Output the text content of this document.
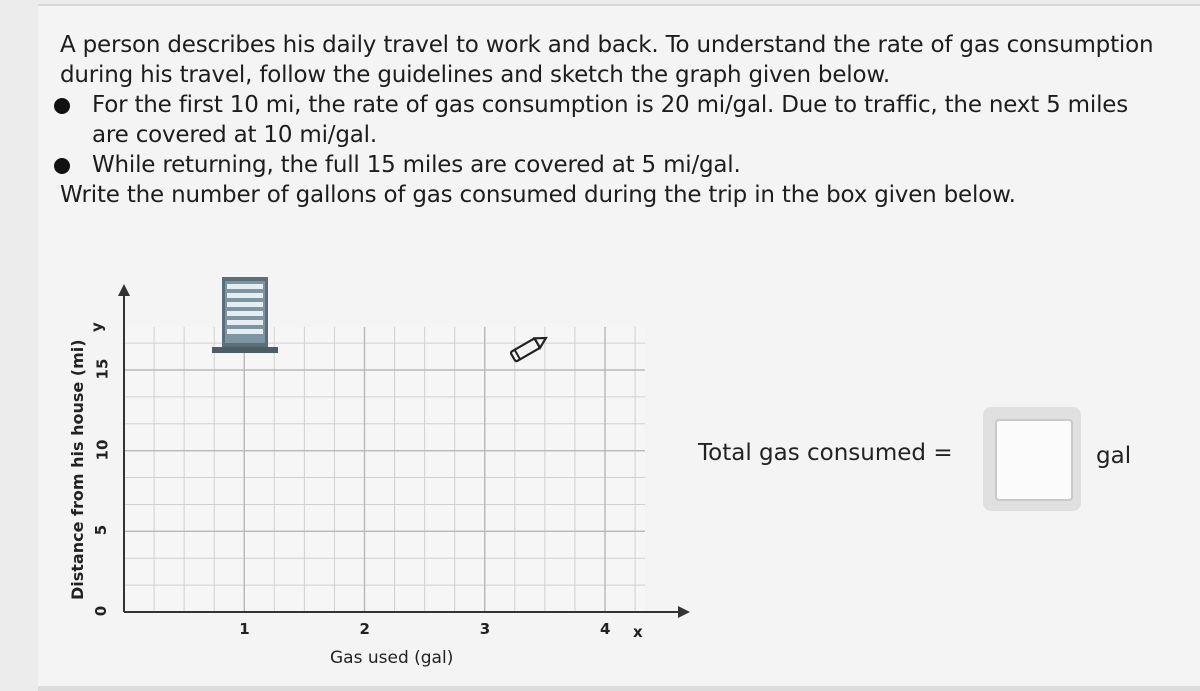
A person describes his daily travel to work and back. To understand the rate of gas consumption during his travel, follow the guidelines and sketch the graph given below.

For the first 10 mi, the rate of gas consumption is 20 mi/gal. Due to traffic, the next 5 miles are covered at 10 mi/gal.

While returning, the full 15 miles are covered at 5 mi/gal.

Write the number of gallons of gas consumed during the trip in the box given below.

x
y
Distance from his house (mi)
0
5
10
15
1	2	3	4
Gas used (gal)
Total gas consumed =	gal
